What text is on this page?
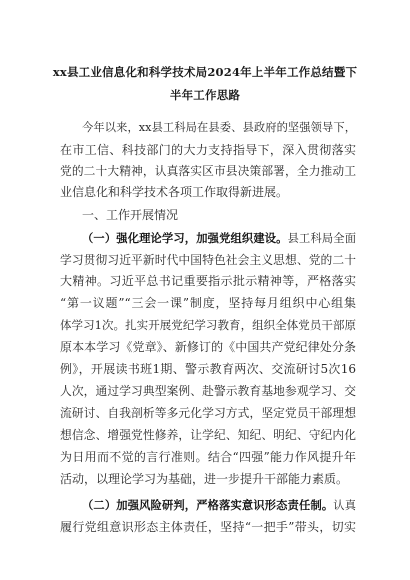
xx县工业信息化和科学技术局2024年上半年工作总结暨下
半年工作思路
今年以来，xx县工科局在县委、县政府的坚强领导下，
在市工信、科技部门的大力支持指导下，深入贯彻落实
党的二十大精神，认真落实区市县决策部署，全力推动工
业信息化和科学技术各项工作取得新进展。
一、工作开展情况
（一）强化理论学习，加强党组织建设。县工科局全面
学习贯彻习近平新时代中国特色社会主义思想、党的二十
大精神。习近平总书记重要指示批示精神等，严格落实
“第一议题”“三会一课”制度，坚持每月组织中心组集
体学习1次。扎实开展党纪学习教育，组织全体党员干部原
原本本学习《党章》、新修订的《中国共产党纪律处分条
例》，开展读书班1期、警示教育两次、交流研讨5次16
人次，通过学习典型案例、赴警示教育基地参观学习、交
流研讨、自我剖析等多元化学习方式，坚定党员干部理想
想信念、增强党性修养，让学纪、知纪、明纪、守纪内化
为日用而不觉的言行准则。结合“四强”能力作风提升年
活动，以理论学习为基础，进一步提升干部能力素质。
（二）加强风险研判，严格落实意识形态责任制。认真
履行党组意识形态主体责任，坚持“一把手”带头，切实
